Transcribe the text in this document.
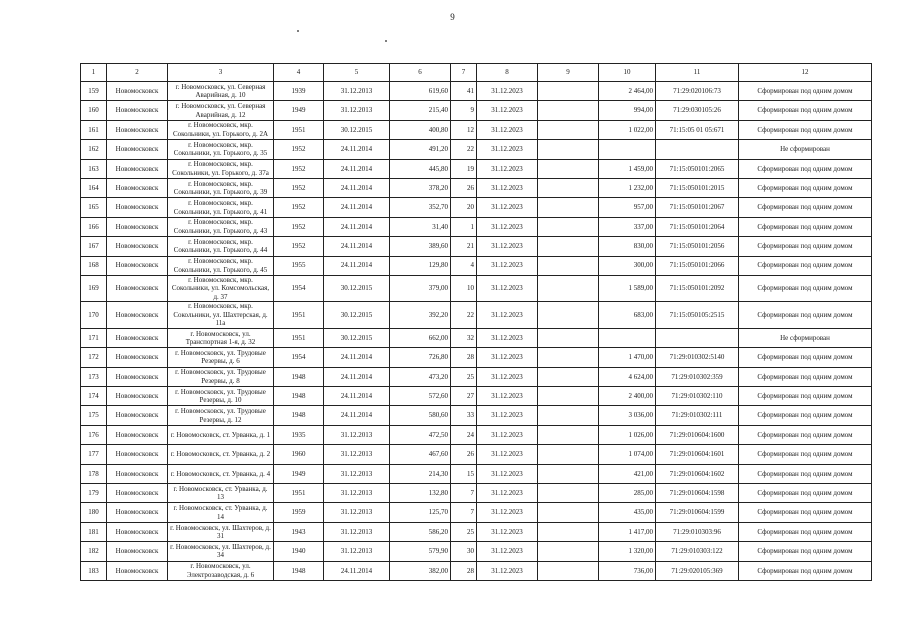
9
1	2	3	4	5	6	7	8	9	10	11	12
159	Новомосковск	г. Новомосковск, ул. Северная Аварийная, д. 10	1939	31.12.2013	619,60	41	31.12.2023		2 464,00	71:29:020106:73	Сформирован под одним домом
160	Новомосковск	г. Новомосковск, ул. Северная Аварийная, д. 12	1949	31.12.2013	215,40	9	31.12.2023		994,00	71:29:030105:26	Сформирован под одним домом
161	Новомосковск	г. Новомосковск, мкр. Сокольники, ул. Горького, д. 2А	1951	30.12.2015	400,80	12	31.12.2023		1 022,00	71:15:05 01 05:671	Сформирован под одним домом
162	Новомосковск	г. Новомосковск, мкр. Сокольники, ул. Горького, д. 35	1952	24.11.2014	491,20	22	31.12.2023				Не сформирован
163	Новомосковск	г. Новомосковск, мкр. Сокольники, ул. Горького, д. 37а	1952	24.11.2014	445,80	19	31.12.2023		1 459,00	71:15:050101:2065	Сформирован под одним домом
164	Новомосковск	г. Новомосковск, мкр. Сокольники, ул. Горького, д. 39	1952	24.11.2014	378,20	26	31.12.2023		1 232,00	71:15:050101:2015	Сформирован под одним домом
165	Новомосковск	г. Новомосковск, мкр. Сокольники, ул. Горького, д. 41	1952	24.11.2014	352,70	20	31.12.2023		957,00	71:15:050101:2067	Сформирован под одним домом
166	Новомосковск	г. Новомосковск, мкр. Сокольники, ул. Горького, д. 43	1952	24.11.2014	31,40	1	31.12.2023		337,00	71:15:050101:2064	Сформирован под одним домом
167	Новомосковск	г. Новомосковск, мкр. Сокольники, ул. Горького, д. 44	1952	24.11.2014	389,60	21	31.12.2023		830,00	71:15:050101:2056	Сформирован под одним домом
168	Новомосковск	г. Новомосковск, мкр. Сокольники, ул. Горького, д. 45	1955	24.11.2014	129,80	4	31.12.2023		300,00	71:15:050101:2066	Сформирован под одним домом
169	Новомосковск	г. Новомосковск, мкр. Сокольники, ул. Комсомольская, д. 37	1954	30.12.2015	379,00	10	31.12.2023		1 589,00	71:15:050101:2092	Сформирован под одним домом
170	Новомосковск	г. Новомосковск, мкр. Сокольники, ул. Шахтерская, д. 11а	1951	30.12.2015	392,20	22	31.12.2023		683,00	71:15:050105:2515	Сформирован под одним домом
171	Новомосковск	г. Новомосковск, ул. Транспортная 1-я, д. 32	1951	30.12.2015	662,00	32	31.12.2023				Не сформирован
172	Новомосковск	г. Новомосковск, ул. Трудовые Резервы, д. 6	1954	24.11.2014	726,80	28	31.12.2023		1 470,00	71:29:010302:5140	Сформирован под одним домом
173	Новомосковск	г. Новомосковск, ул. Трудовые Резервы, д. 8	1948	24.11.2014	473,20	25	31.12.2023		4 624,00	71:29:010302:359	Сформирован под одним домом
174	Новомосковск	г. Новомосковск, ул. Трудовые Резервы, д. 10	1948	24.11.2014	572,60	27	31.12.2023		2 400,00	71:29:010302:110	Сформирован под одним домом
175	Новомосковск	г. Новомосковск, ул. Трудовые Резервы, д. 12	1948	24.11.2014	580,60	33	31.12.2023		3 036,00	71:29:010302:111	Сформирован под одним домом
176	Новомосковск	г. Новомосковск, ст. Урванка, д. 1	1935	31.12.2013	472,50	24	31.12.2023		1 026,00	71:29:010604:1600	Сформирован под одним домом
177	Новомосковск	г. Новомосковск, ст. Урванка, д. 2	1960	31.12.2013	467,60	26	31.12.2023		1 074,00	71:29:010604:1601	Сформирован под одним домом
178	Новомосковск	г. Новомосковск, ст. Урванка, д. 4	1949	31.12.2013	214,30	15	31.12.2023		421,00	71:29:010604:1602	Сформирован под одним домом
179	Новомосковск	г. Новомосковск, ст. Урванка, д. 13	1951	31.12.2013	132,80	7	31.12.2023		285,00	71:29:010604:1598	Сформирован под одним домом
180	Новомосковск	г. Новомосковск, ст. Урванка, д. 14	1959	31.12.2013	125,70	7	31.12.2023		435,00	71:29:010604:1599	Сформирован под одним домом
181	Новомосковск	г. Новомосковск, ул. Шахтеров, д. 31	1943	31.12.2013	586,20	25	31.12.2023		1 417,00	71:29:010303:96	Сформирован под одним домом
182	Новомосковск	г. Новомосковск, ул. Шахтеров, д. 34	1940	31.12.2013	579,90	30	31.12.2023		1 320,00	71:29:010303:122	Сформирован под одним домом
183	Новомосковск	г. Новомосковск, ул. Электрозаводская, д. 6	1948	24.11.2014	382,00	28	31.12.2023		736,00	71:29:020105:369	Сформирован под одним домом
